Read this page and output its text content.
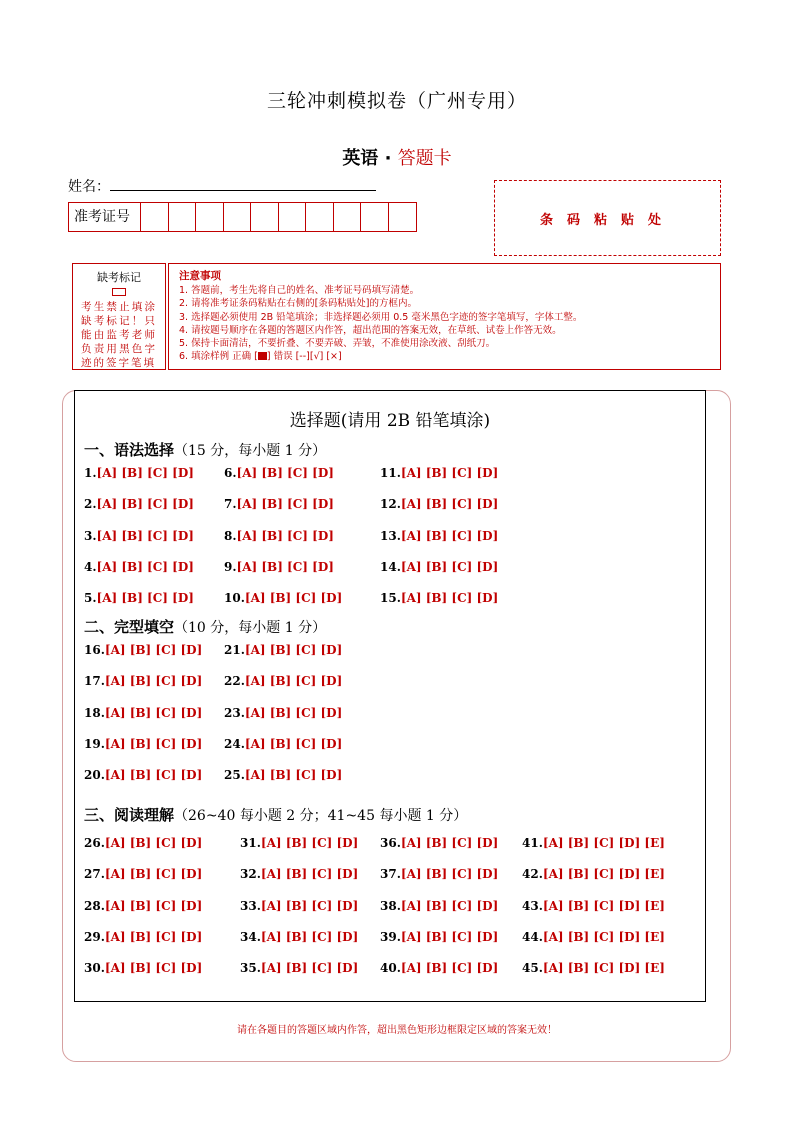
三轮冲刺模拟卷（广州专用）
英语 · 答题卡
姓名：
准考证号	条码粘贴处
缺考标记
考生禁止填涂缺考标记！只能由监考老师负责用黑色字迹的签字笔填
注意事项
1. 答题前，考生先将自己的姓名、准考证号码填写清楚。
2. 请将准考证条码粘贴在右侧的[条码粘贴处]的方框内。
3. 选择题必须使用 2B 铅笔填涂；非选择题必须用 0.5 毫米黑色字迹的签字笔填写，字体工整。
4. 请按题号顺序在各题的答题区内作答，超出范围的答案无效，在草纸、试卷上作答无效。
5. 保持卡面清洁，不要折叠、不要弄破、弄皱，不准使用涂改液、刮纸刀。
6. 填涂样例 正确 [ ] 错误 [--][√] [×]
选择题(请用 2B 铅笔填涂)
一、语法选择（15 分，每小题 1 分）
二、完型填空（10 分，每小题 1 分）
三、阅读理解（26~40 每小题 2 分；41~45 每小题 1 分）
1.[A] [B] [C] [D]
2.[A] [B] [C] [D]
3.[A] [B] [C] [D]
4.[A] [B] [C] [D]
5.[A] [B] [C] [D]
6.[A] [B] [C] [D]
7.[A] [B] [C] [D]
8.[A] [B] [C] [D]
9.[A] [B] [C] [D]
10.[A] [B] [C] [D]
11.[A] [B] [C] [D]
12.[A] [B] [C] [D]
13.[A] [B] [C] [D]
14.[A] [B] [C] [D]
15.[A] [B] [C] [D]
16.[A] [B] [C] [D]
17.[A] [B] [C] [D]
18.[A] [B] [C] [D]
19.[A] [B] [C] [D]
20.[A] [B] [C] [D]
21.[A] [B] [C] [D]
22.[A] [B] [C] [D]
23.[A] [B] [C] [D]
24.[A] [B] [C] [D]
25.[A] [B] [C] [D]
26.[A] [B] [C] [D]
27.[A] [B] [C] [D]
28.[A] [B] [C] [D]
29.[A] [B] [C] [D]
30.[A] [B] [C] [D]
31.[A] [B] [C] [D]
32.[A] [B] [C] [D]
33.[A] [B] [C] [D]
34.[A] [B] [C] [D]
35.[A] [B] [C] [D]
36.[A] [B] [C] [D]
37.[A] [B] [C] [D]
38.[A] [B] [C] [D]
39.[A] [B] [C] [D]
40.[A] [B] [C] [D]
41.[A] [B] [C] [D] [E]
42.[A] [B] [C] [D] [E]
43.[A] [B] [C] [D] [E]
44.[A] [B] [C] [D] [E]
45.[A] [B] [C] [D] [E]
请在各题目的答题区域内作答，超出黑色矩形边框限定区域的答案无效！
